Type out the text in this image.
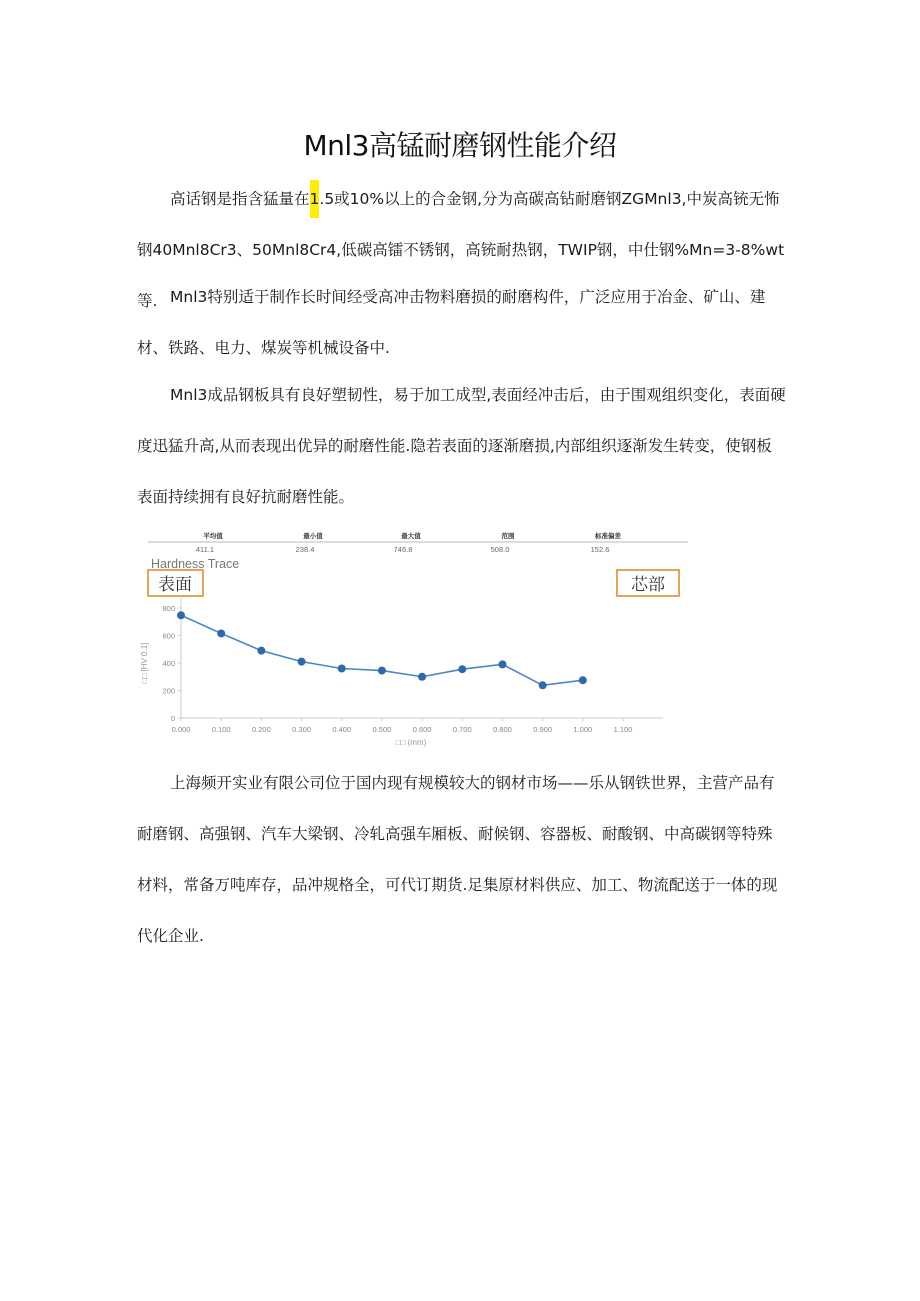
Mnl3高锰耐磨钢性能介绍

高话钢是指含猛量在1.5或10%以上的合金钢,分为高碳高钻耐磨钢ZGMnl3,中炭高铳无怖钢40Mnl8Cr3、50Mnl8Cr4,低碳高镭不锈钢，高铳耐热钢，TWIP钢，中仕钢%Mn=3-8%wt等. Mnl3特别适于制作长时间经受高冲击物料磨损的耐磨构件，广泛应用于冶金、矿山、建材、铁路、电力、煤炭等机械设备中.

Mnl3成品钢板具有良好塑韧性，易于加工成型,表面经冲击后，由于围观组织变化，表面硬度迅猛升高,从而表现出优异的耐磨性能.隐若表面的逐渐磨损,内部组织逐渐发生转变，使钢板表面持续拥有良好抗耐磨性能。

平均值	最小值	最大值	范围	标准偏差
411.1	238.4	746.8	508.0	152.6
Hardness Trace
表面	芯部
0
200
400
600
800
0.000	0.100	0.200	0.300	0.400	0.500	0.600	0.700	0.800	0.900	1.000	1.100
□□ [HV 0.1]
□□ (mm)

上海频开实业有限公司位于国内现有规模较大的钢材市场——乐从钢铁世界，主营产品有耐磨钢、高强钢、汽车大梁钢、冷轧高强车厢板、耐候钢、容器板、耐酸钢、中高碳钢等特殊材料，常备万吨库存，品冲规格全，可代订期货.足集原材料供应、加工、物流配送于一体的现代化企业.
